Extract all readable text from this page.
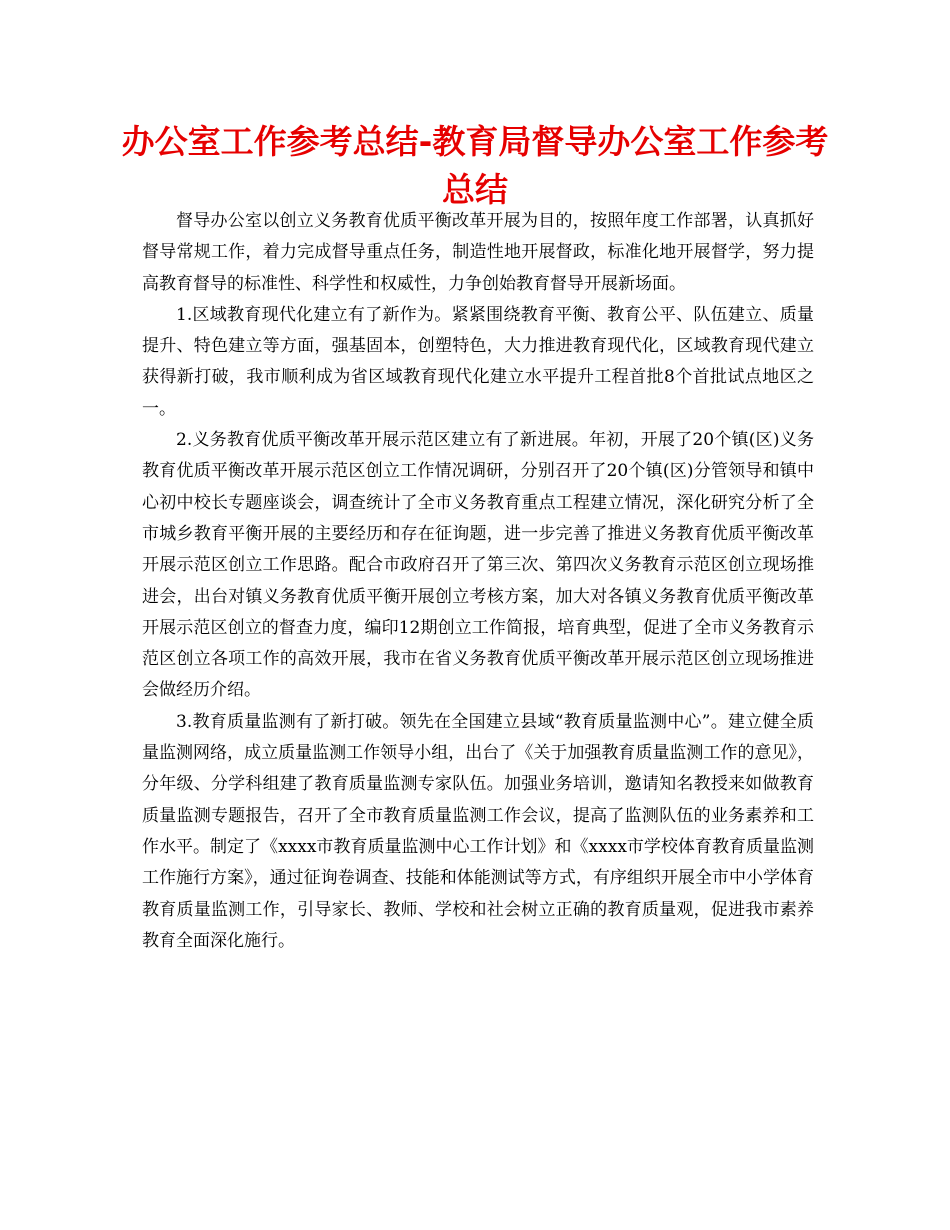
办公室工作参考总结-教育局督导办公室工作参考总结

督导办公室以创立义务教育优质平衡改革开展为目的，按照年度工作部署，认真抓好督导常规工作，着力完成督导重点任务，制造性地开展督政，标准化地开展督学，努力提高教育督导的标准性、科学性和权威性，力争创始教育督导开展新场面。

1.区域教育现代化建立有了新作为。紧紧围绕教育平衡、教育公平、队伍建立、质量提升、特色建立等方面，强基固本，创塑特色，大力推进教育现代化，区域教育现代建立获得新打破，我市顺利成为省区域教育现代化建立水平提升工程首批8个首批试点地区之一。

2.义务教育优质平衡改革开展示范区建立有了新进展。年初，开展了20个镇(区)义务教育优质平衡改革开展示范区创立工作情况调研，分别召开了20个镇(区)分管领导和镇中心初中校长专题座谈会，调查统计了全市义务教育重点工程建立情况，深化研究分析了全市城乡教育平衡开展的主要经历和存在征询题，进一步完善了推进义务教育优质平衡改革开展示范区创立工作思路。配合市政府召开了第三次、第四次义务教育示范区创立现场推进会，出台对镇义务教育优质平衡开展创立考核方案，加大对各镇义务教育优质平衡改革开展示范区创立的督查力度，编印12期创立工作简报，培育典型，促进了全市义务教育示范区创立各项工作的高效开展，我市在省义务教育优质平衡改革开展示范区创立现场推进会做经历介绍。

3.教育质量监测有了新打破。领先在全国建立县域“教育质量监测中心”。建立健全质量监测网络，成立质量监测工作领导小组，出台了《关于加强教育质量监测工作的意见》，分年级、分学科组建了教育质量监测专家队伍。加强业务培训，邀请知名教授来如做教育质量监测专题报告，召开了全市教育质量监测工作会议，提高了监测队伍的业务素养和工作水平。制定了《xxxx市教育质量监测中心工作计划》和《xxxx市学校体育教育质量监测工作施行方案》，通过征询卷调查、技能和体能测试等方式，有序组织开展全市中小学体育教育质量监测工作，引导家长、教师、学校和社会树立正确的教育质量观，促进我市素养教育全面深化施行。
